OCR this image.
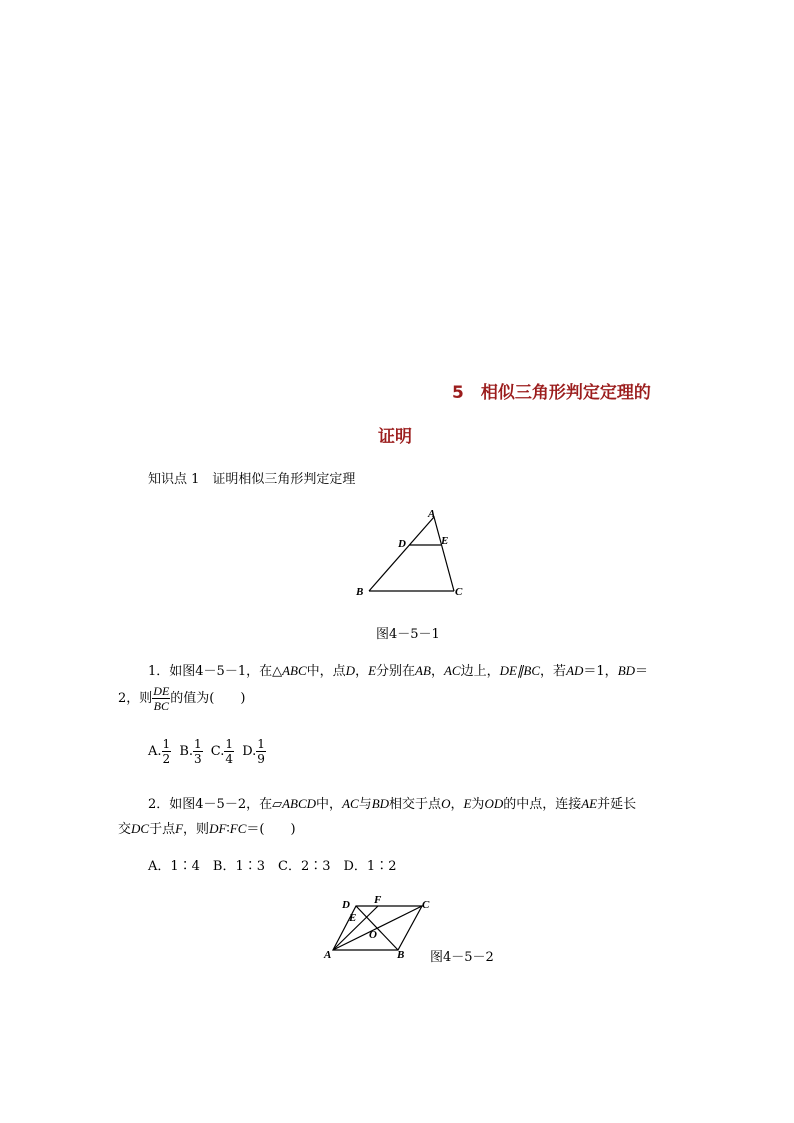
5 相似三角形判定定理的
证明
知识点 1　证明相似三角形判定定理
A
D	E
B	C
图4－5－1
1．如图4－5－1，在△ABC中，点D，E分别在AB，AC边上，DE∥BC，若AD＝1，BD＝
2，则 $\frac{DE}{BC}$ 的值为(　　)
A. $\frac{1}{2} B$. $\frac{1}{3} C$. $\frac{1}{4} D$. $\frac{1}{9}$
2．如图4－5－2，在▱ABCD中，AC与BD相交于点O，E为OD的中点，连接AE并延长
交DC于点F，则DF∶FC＝(　　)
A．1∶4　B．1∶3　C．2∶3　D．1∶2
D F	C
E
O
A	B 图4－5－2
